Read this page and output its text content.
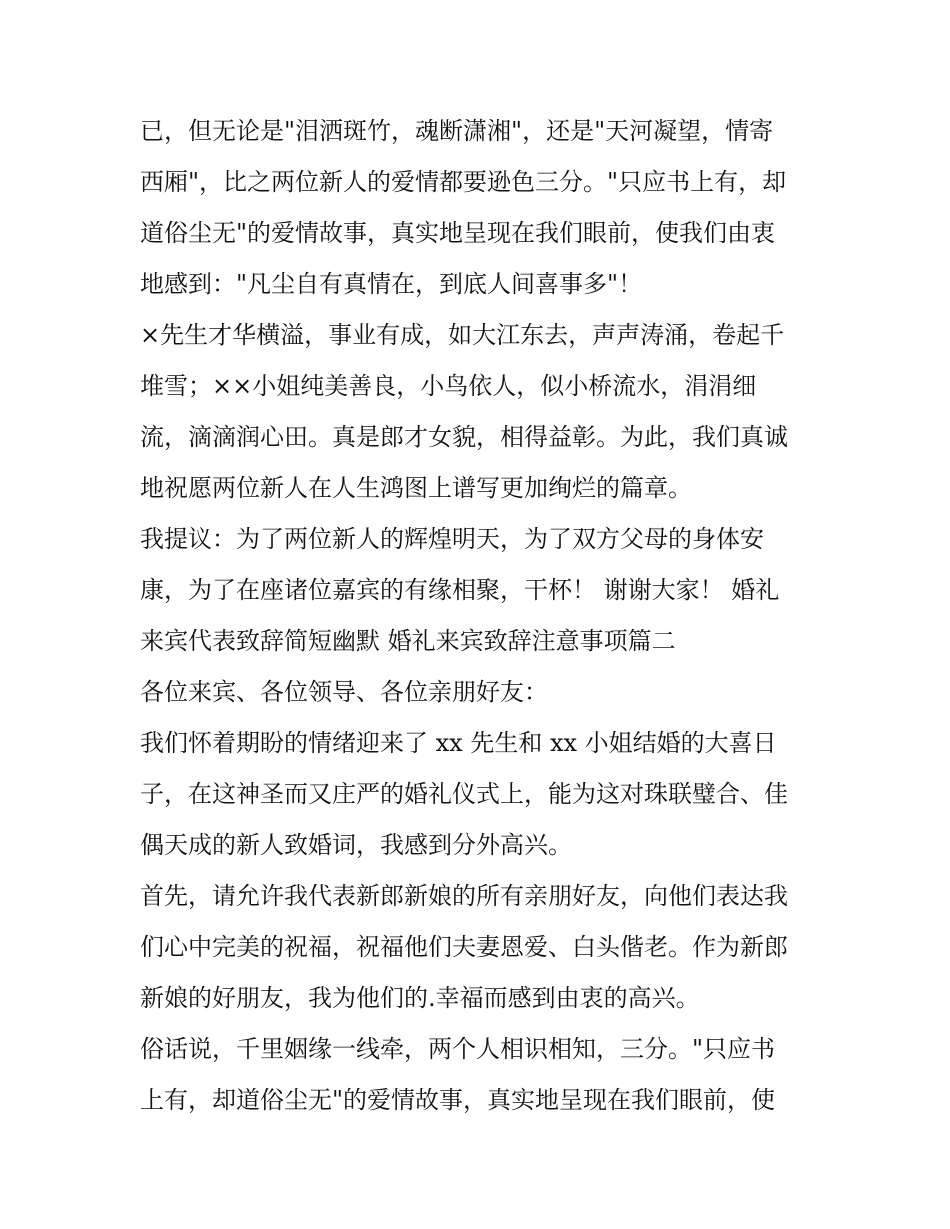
已，但无论是"泪洒斑竹，魂断潇湘"，还是"天河凝望，情寄
西厢"，比之两位新人的爱情都要逊色三分。"只应书上有，却
道俗尘无"的爱情故事，真实地呈现在我们眼前，使我们由衷
地感到："凡尘自有真情在，到底人间喜事多"！
×先生才华横溢，事业有成，如大江东去，声声涛涌，卷起千
堆雪；××小姐纯美善良，小鸟依人，似小桥流水，涓涓细
流，滴滴润心田。真是郎才女貌，相得益彰。为此，我们真诚
地祝愿两位新人在人生鸿图上谱写更加绚烂的篇章。
我提议：为了两位新人的辉煌明天，为了双方父母的身体安
康，为了在座诸位嘉宾的有缘相聚，干杯！ 谢谢大家！ 婚礼
来宾代表致辞简短幽默 婚礼来宾致辞注意事项篇二
各位来宾、各位领导、各位亲朋好友：
我们怀着期盼的情绪迎来了 xx 先生和 xx 小姐结婚的大喜日
子，在这神圣而又庄严的婚礼仪式上，能为这对珠联璧合、佳
偶天成的新人致婚词，我感到分外高兴。
首先，请允许我代表新郎新娘的所有亲朋好友，向他们表达我
们心中完美的祝福，祝福他们夫妻恩爱、白头偕老。作为新郎
新娘的好朋友，我为他们的.幸福而感到由衷的高兴。
俗话说，千里姻缘一线牵，两个人相识相知，三分。"只应书
上有，却道俗尘无"的爱情故事，真实地呈现在我们眼前，使
